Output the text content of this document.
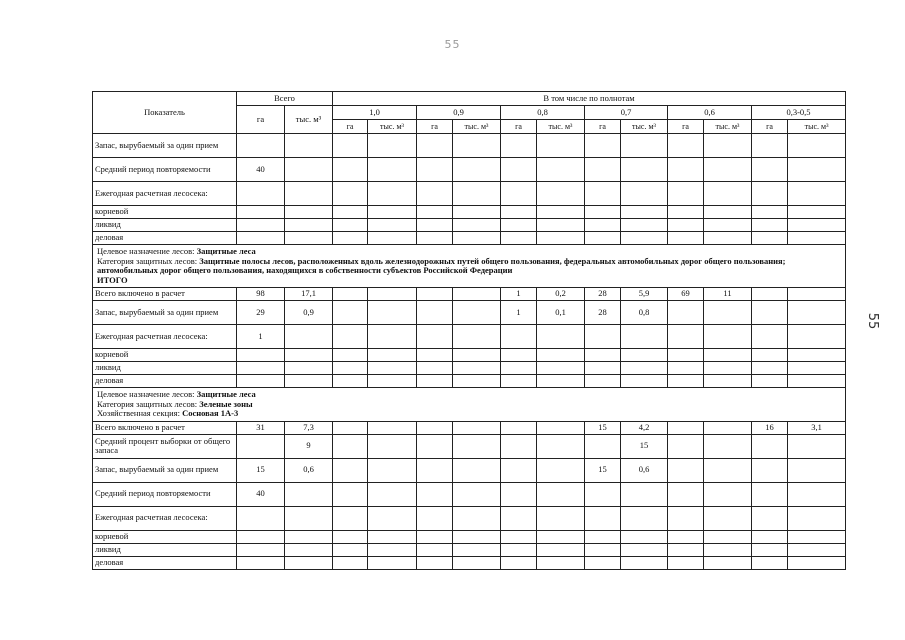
55
55
Показатель	Всего		В том числе по полнотам											
	га	тыс. м³	1,0		0,9		0,8		0,7		0,6		0,3-0,5	
			га	тыс. м³	га	тыс. м³	га	тыс. м³	га	тыс. м³	га	тыс. м³	га	тыс. м³
Запас, вырубаемый за один прием														
Средний период повторяемости	40													
Ежегодная расчетная лесосека:														
корневой														
ликвид														
деловая														

Целевое назначение лесов: Защитные леса
Категория защитных лесов: Защитные полосы лесов, расположенных вдоль железнодорожных путей общего пользования, федеральных автомобильных дорог общего пользования; автомобильных дорог общего пользования, находящихся в собственности субъектов Российской Федерации
ИТОГО														

Всего включено в расчет	98	17,1					1	0,2	28	5,9	69	11		
Запас, вырубаемый за один прием	29	0,9					1	0,1	28	0,8				
Ежегодная расчетная лесосека:	1													
корневой														
ликвид														
деловая														

Целевое назначение лесов: Защитные леса
Категория защитных лесов: Зеленые зоны
Хозяйственная секция: Сосновая 1А-3														

Всего включено в расчет	31	7,3							15	4,2			16	3,1
Средний процент выборки от общего запаса		9								15				
Запас, вырубаемый за один прием	15	0,6							15	0,6				
Средний период повторяемости	40													
Ежегодная расчетная лесосека:														
корневой														
ликвид														
деловая														
